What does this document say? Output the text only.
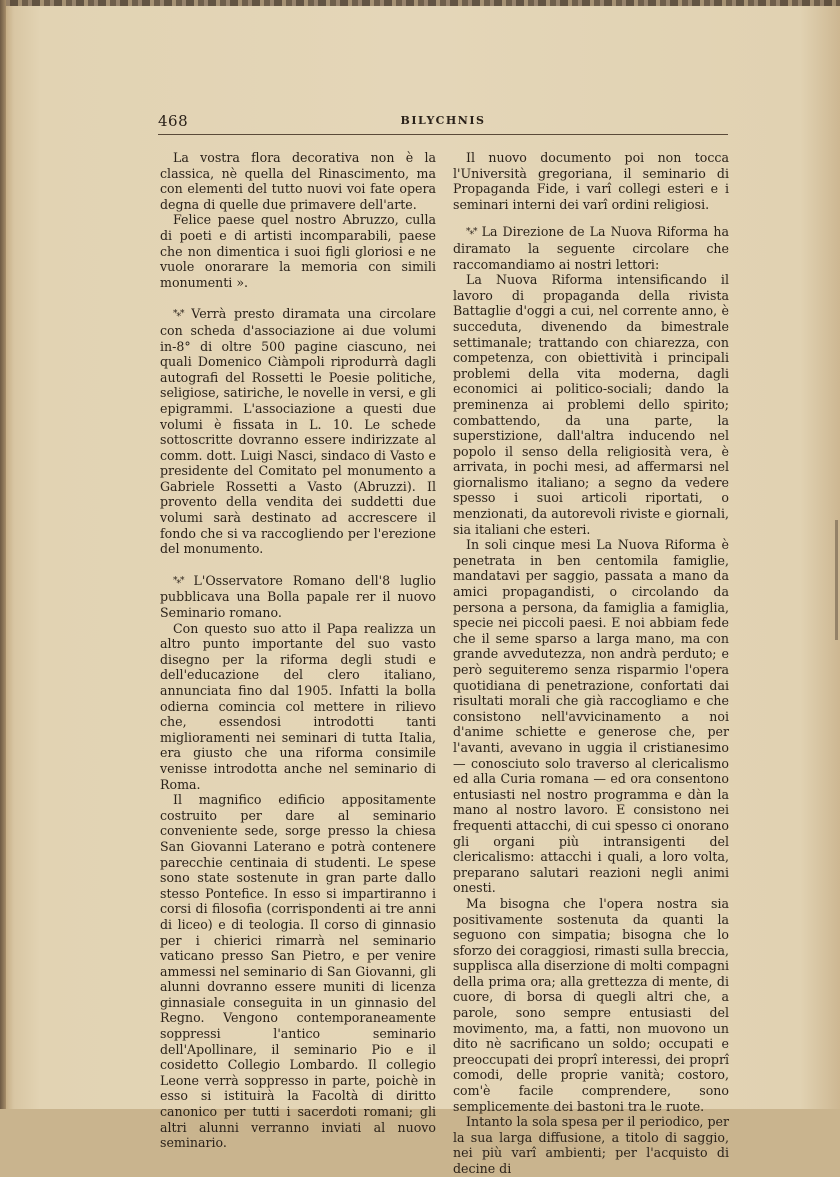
468	BILYCHNIS

La vostra flora decorativa non è la classica, nè quella del Rinascimento, ma con elementi del tutto nuovi voi fate opera degna di quelle due primavere dell'arte.

Felice paese quel nostro Abruzzo, culla di poeti e di artisti incomparabili, paese che non dimentica i suoi figli gloriosi e ne vuole onorarare la memoria con simili monumenti ».

*⁎* Verrà presto diramata una circolare con scheda d'associazione ai due volumi in-8° di oltre 500 pagine ciascuno, nei quali Domenico Ciàmpoli riprodurrà dagli autografi del Rossetti le Poesie politiche, seligiose, satiriche, le novelle in versi, e gli epigrammi. L'associazione a questi due volumi è fissata in L. 10. Le schede sottoscritte dovranno essere indirizzate al comm. dott. Luigi Nasci, sindaco di Vasto e presidente del Comitato pel monumento a Gabriele Rossetti a Vasto (Abruzzi). Il provento della vendita dei suddetti due volumi sarà destinato ad accrescere il fondo che si va raccogliendo per l'erezione del monumento.

*⁎* L'Osservatore Romano dell'8 luglio pubblicava una Bolla papale rer il nuovo Seminario romano.

Con questo suo atto il Papa realizza un altro punto importante del suo vasto disegno per la riforma degli studi e dell'educazione del clero italiano, annunciata fino dal 1905. Infatti la bolla odierna comincia col mettere in rilievo che, essendosi introdotti tanti miglioramenti nei seminari di tutta Italia, era giusto che una riforma consimile venisse introdotta anche nel seminario di Roma.

Il magnifico edificio appositamente costruito per dare al seminario conveniente sede, sorge presso la chiesa San Giovanni Laterano e potrà contenere parecchie centinaia di studenti. Le spese sono state sostenute in gran parte dallo stesso Pontefice. In esso si impartiranno i corsi di filosofia (corrispondenti ai tre anni di liceo) e di teologia. Il corso di ginnasio per i chierici rimarrà nel seminario vaticano presso San Pietro, e per venire ammessi nel seminario di San Giovanni, gli alunni dovranno essere muniti di licenza ginnasiale conseguita in un ginnasio del Regno. Vengono contemporaneamente soppressi l'antico seminario dell'Apollinare, il seminario Pio e il cosidetto Collegio Lombardo. Il collegio Leone verrà soppresso in parte, poichè in esso si istituirà la Facoltà di diritto canonico per tutti i sacerdoti romani; gli altri alunni verranno inviati al nuovo seminario.

Il nuovo documento poi non tocca l'Università gregoriana, il seminario di Propaganda Fide, i varî collegi esteri e i seminari interni dei varî ordini religiosi.

*⁎* La Direzione de La Nuova Riforma ha diramato la seguente circolare che raccomandiamo ai nostri lettori:

La Nuova Riforma intensificando il lavoro di propaganda della rivista Battaglie d'oggi a cui, nel corrente anno, è succeduta, divenendo da bimestrale settimanale; trattando con chiarezza, con competenza, con obiettività i principali problemi della vita moderna, dagli economici ai politico-sociali; dando la preminenza ai problemi dello spirito; combattendo, da una parte, la superstizione, dall'altra inducendo nel popolo il senso della religiosità vera, è arrivata, in pochi mesi, ad affermarsi nel giornalismo italiano; a segno da vedere spesso i suoi articoli riportati, o menzionati, da autorevoli riviste e giornali, sia italiani che esteri.

In soli cinque mesi La Nuova Riforma è penetrata in ben centomila famiglie, mandatavi per saggio, passata a mano da amici propagandisti, o circolando da persona a persona, da famiglia a famiglia, specie nei piccoli paesi. E noi abbiam fede che il seme sparso a larga mano, ma con grande avvedutezza, non andrà perduto; e però seguiteremo senza risparmio l'opera quotidiana di penetrazione, confortati dai risultati morali che già raccogliamo e che consistono nell'avvicinamento a noi d'anime schiette e generose che, per l'avanti, avevano in uggia il cristianesimo — conosciuto solo traverso al clericalismo ed alla Curia romana — ed ora consentono entusiasti nel nostro programma e dàn la mano al nostro lavoro. E consistono nei frequenti attacchi, di cui spesso ci onorano gli organi più intransigenti del clericalismo: attacchi i quali, a loro volta, preparano salutari reazioni negli animi onesti.

Ma bisogna che l'opera nostra sia positivamente sostenuta da quanti la seguono con simpatia; bisogna che lo sforzo dei coraggiosi, rimasti sulla breccia, supplisca alla diserzione di molti compagni della prima ora; alla grettezza di mente, di cuore, di borsa di quegli altri che, a parole, sono sempre entusiasti del movimento, ma, a fatti, non muovono un dito nè sacrificano un soldo; occupati e preoccupati dei proprî interessi, dei proprî comodi, delle proprie vanità; costoro, com'è facile comprendere, sono semplicemente dei bastoni tra le ruote.

Intanto la sola spesa per il periodico, per la sua larga diffusione, a titolo di saggio, nei più varî ambienti; per l'acquisto di decine di
